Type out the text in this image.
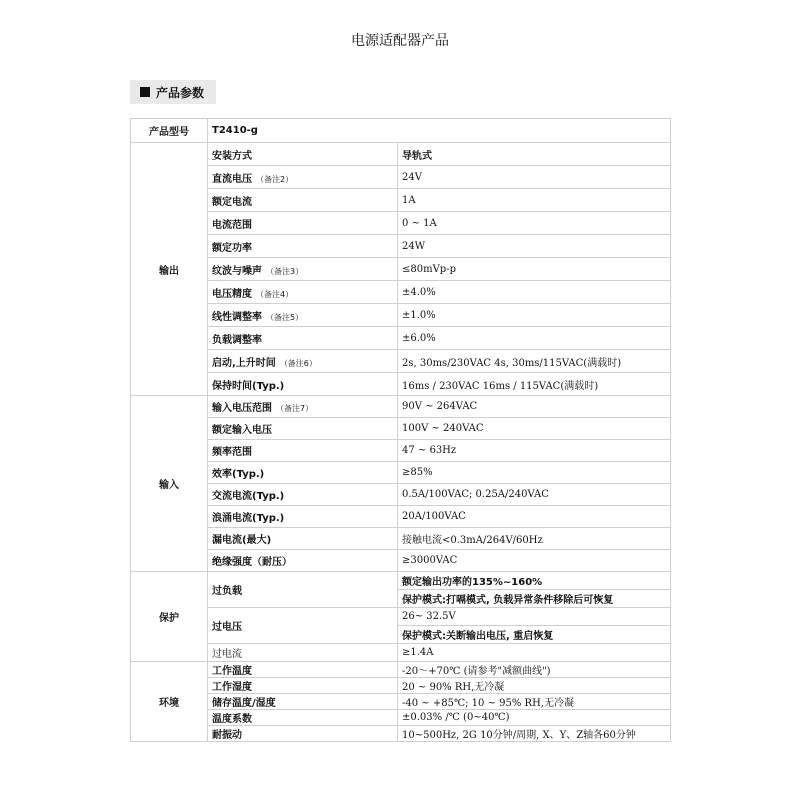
电源适配器产品
产品参数
产品型号	T2410-g	
输出	安装方式	导轨式
	直流电压 （备注2）	24V
	额定电流	1A
	电流范围	0 ~ 1A
	额定功率	24W
	纹波与噪声 （备注3）	≤80mVp-p
	电压精度 （备注4）	±4.0%
	线性调整率 （备注5）	±1.0%
	负载调整率	±6.0%
	启动,上升时间 （备注6）	2s, 30ms/230VAC 4s, 30ms/115VAC(满载时)
	保持时间(Typ.)	16ms / 230VAC 16ms / 115VAC(满载时)
输入	输入电压范围 （备注7）	90V ~ 264VAC
	额定输入电压	100V ~ 240VAC
	频率范围	47 ~ 63Hz
	效率(Typ.)	≥85%
	交流电流(Typ.)	0.5A/100VAC; 0.25A/240VAC
	浪涌电流(Typ.)	20A/100VAC
	漏电流(最大)	接触电流<0.3mA/264V/60Hz
	绝缘强度（耐压）	≥3000VAC
保护	过负载	额定输出功率的135%~160%
		保护模式:打嗝模式, 负载异常条件移除后可恢复
	过电压	26~ 32.5V
		保护模式:关断输出电压, 重启恢复
	过电流	≥1.4A
环境	工作温度	-20～+70℃ (请参考"减额曲线")
	工作湿度	20 ~ 90% RH,无冷凝
	储存温度/湿度	-40 ~ +85℃; 10 ~ 95% RH,无冷凝
	温度系数	±0.03% /℃ (0~40℃)
	耐振动	10~500Hz, 2G 10分钟/周期, X、Y、Z轴各60分钟
